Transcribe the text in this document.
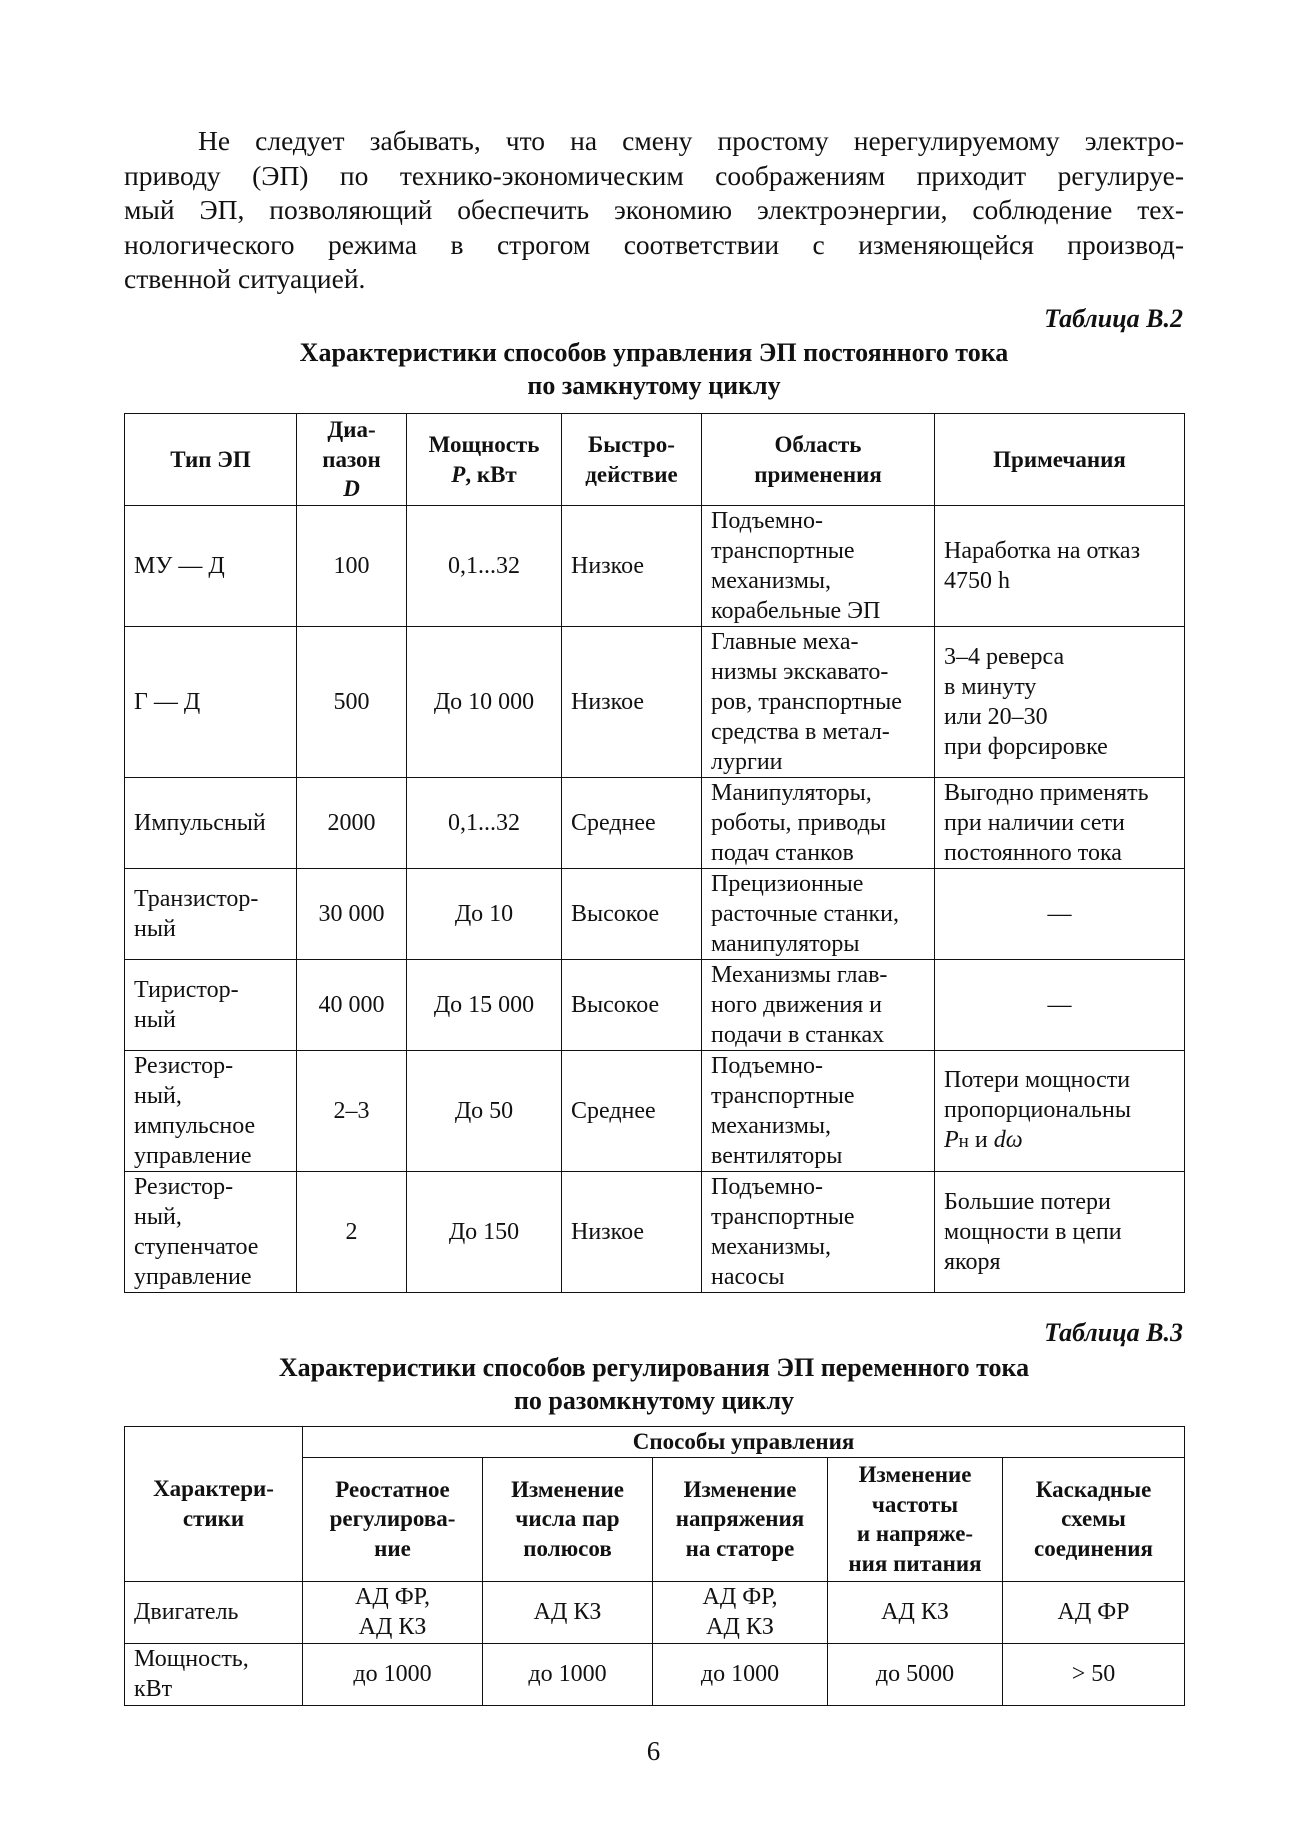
Не следует забывать, что на смену простому нерегулируемому электро-
приводу (ЭП) по технико-экономическим соображениям приходит регулируе-
мый ЭП, позволяющий обеспечить экономию электроэнергии, соблюдение тех-
нологического режима в строгом соответствии с изменяющейся производ-
ственной ситуацией.
Таблица В.2
Характеристики способов управления ЭП постоянного тока
по замкнутому циклу
Тип ЭП	Диа-
пазон
D	Мощность
P, кВт	Быстро-
действие	Область
применения	Примечания

МУ — Д	100	0,1...32	Низкое	Подъемно-
транспортные
механизмы,
корабельные ЭП	Наработка на отказ
4750 h

Г — Д	500	До 10 000	Низкое	Главные меха-
низмы экскавато-
ров, транспортные
средства в метал-
лургии	3–4 реверса
в минуту
или 20–30
при форсировке

Импульсный	2000	0,1...32	Среднее	Манипуляторы,
роботы, приводы
подач станков	Выгодно применять
при наличии сети
постоянного тока

Транзистор-
ный	30 000	До 10	Высокое	Прецизионные
расточные станки,
манипуляторы	—

Тиристор-
ный	40 000	До 15 000	Высокое	Механизмы глав-
ного движения и
подачи в станках	—

Резистор-
ный,
импульсное
управление	2–3	До 50	Среднее	Подъемно-
транспортные
механизмы,
вентиляторы	Потери мощности
пропорциональны
Pн и dω

Резистор-
ный,
ступенчатое
управление	2	До 150	Низкое	Подъемно-
транспортные
механизмы,
насосы	Большие потери
мощности в цепи
якоря
Таблица В.3
Характеристики способов регулирования ЭП переменного тока
по разомкнутому циклу
Характери-
стики	Способы управления				

	Реостатное
регулирова-
ние	Изменение
числа пар
полюсов	Изменение
напряжения
на статоре	Изменение
частоты
и напряже-
ния питания	Каскадные
схемы
соединения

Двигатель	АД ФР,
АД КЗ	АД КЗ	АД ФР,
АД КЗ	АД КЗ	АД ФР

Мощность,
кВт	до 1000	до 1000	до 1000	до 5000	> 50
6
